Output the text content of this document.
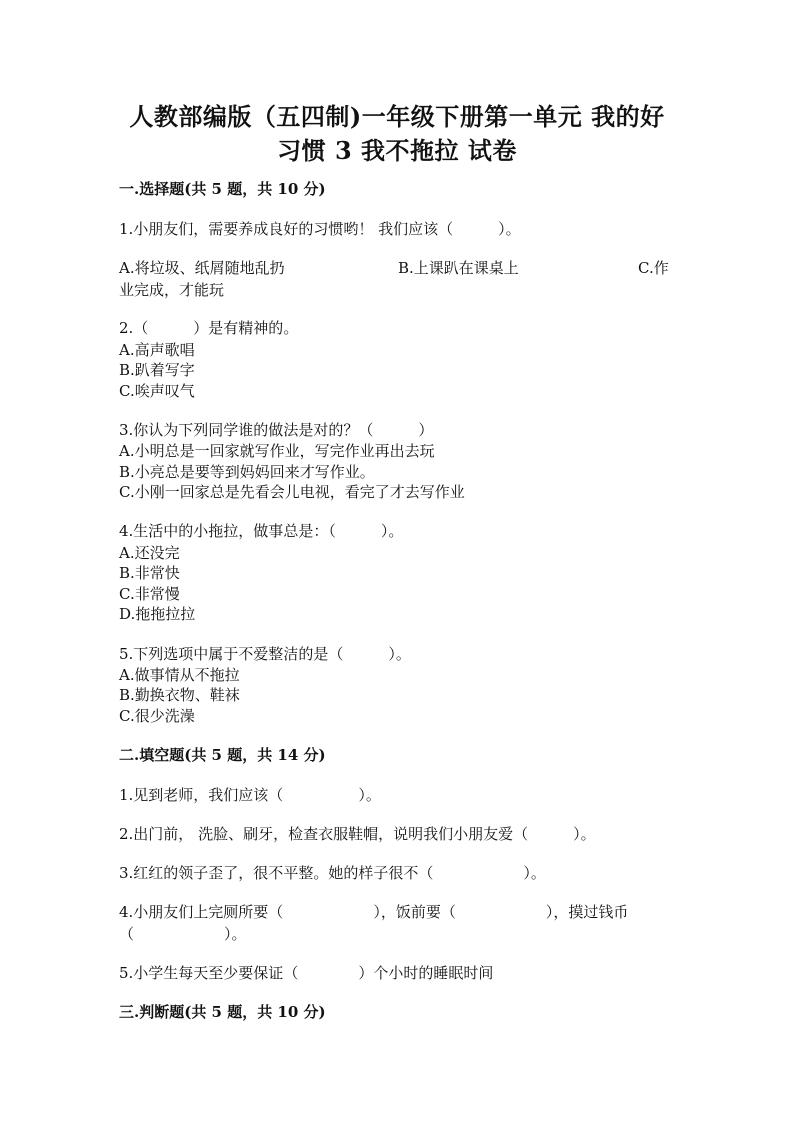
人教部编版（五四制)一年级下册第一单元 我的好
习惯 3 我不拖拉 试卷
一.选择题(共 5 题，共 10 分)
1.小朋友们，需要养成良好的习惯哟！ 我们应该（　　　）。
A.将垃圾、纸屑随地乱扔	B.上课趴在课桌上	C.作
业完成，才能玩
2.（　　　）是有精神的。
A.高声歌唱
B.趴着写字
C.唉声叹气
3.你认为下列同学谁的做法是对的？（　　　）
A.小明总是一回家就写作业，写完作业再出去玩
B.小亮总是要等到妈妈回来才写作业。
C.小刚一回家总是先看会儿电视，看完了才去写作业
4.生活中的小拖拉，做事总是：（　　　）。
A.还没完
B.非常快
C.非常慢
D.拖拖拉拉
5.下列选项中属于不爱整洁的是（　　　）。
A.做事情从不拖拉
B.勤换衣物、鞋袜
C.很少洗澡
二.填空题(共 5 题，共 14 分)
1.见到老师，我们应该（　　　　　）。
2.出门前， 洗脸、刷牙，检查衣服鞋帽，说明我们小朋友爱（　　　）。
3.红红的领子歪了，很不平整。她的样子很不（　　　　　　）。
4.小朋友们上完厕所要（　　　　　　），饭前要（　　　　　　），摸过钱币
（　　　　　　）。
5.小学生每天至少要保证（　　　　）个小时的睡眠时间
三.判断题(共 5 题，共 10 分)
